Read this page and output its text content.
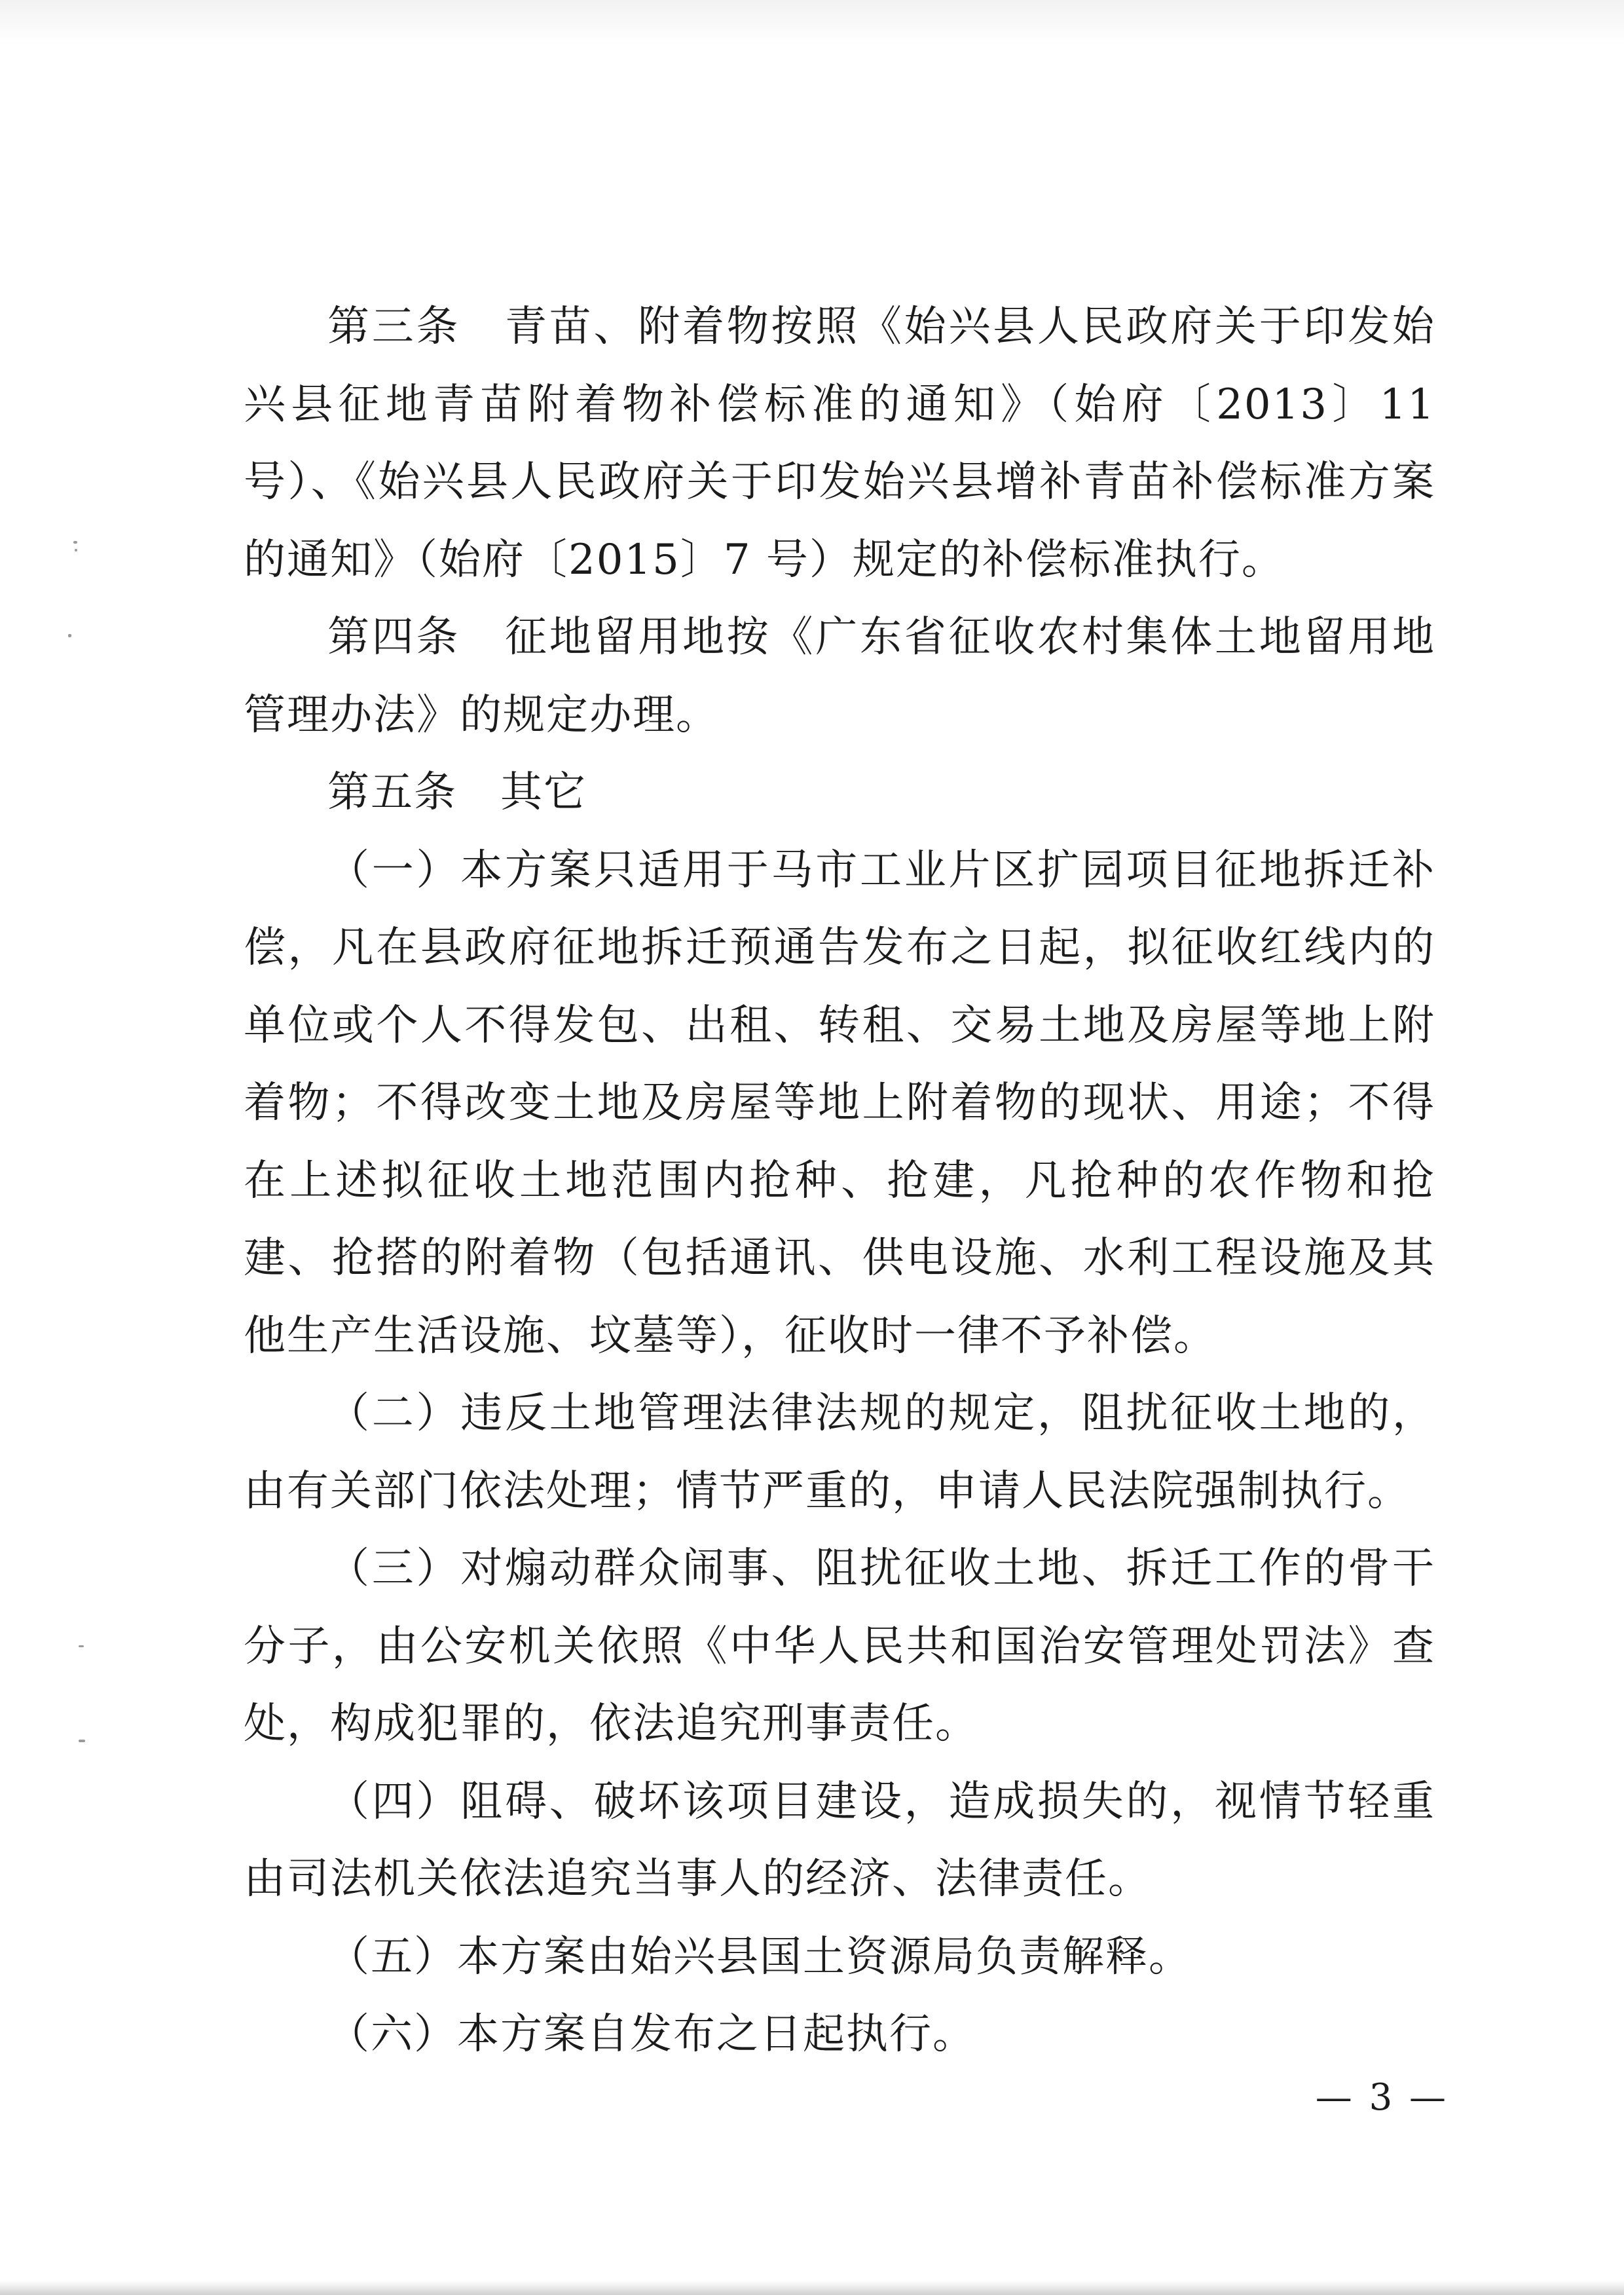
第三条　青苗、附着物按照《始兴县人民政府关于印发始兴县征地青苗附着物补偿标准的通知》（始府〔2013〕11 号）、《始兴县人民政府关于印发始兴县增补青苗补偿标准方案的通知》（始府〔2015〕7 号）规定的补偿标准执行。

第四条　征地留用地按《广东省征收农村集体土地留用地管理办法》的规定办理。

第五条　其它

（一）本方案只适用于马市工业片区扩园项目征地拆迁补偿，凡在县政府征地拆迁预通告发布之日起，拟征收红线内的单位或个人不得发包、出租、转租、交易土地及房屋等地上附着物；不得改变土地及房屋等地上附着物的现状、用途；不得在上述拟征收土地范围内抢种、抢建，凡抢种的农作物和抢建、抢搭的附着物（包括通讯、供电设施、水利工程设施及其他生产生活设施、坟墓等），征收时一律不予补偿。

（二）违反土地管理法律法规的规定，阻扰征收土地的，由有关部门依法处理；情节严重的，申请人民法院强制执行。

（三）对煽动群众闹事、阻扰征收土地、拆迁工作的骨干分子，由公安机关依照《中华人民共和国治安管理处罚法》查处，构成犯罪的，依法追究刑事责任。

（四）阻碍、破坏该项目建设，造成损失的，视情节轻重由司法机关依法追究当事人的经济、法律责任。

（五）本方案由始兴县国土资源局负责解释。

（六）本方案自发布之日起执行。

— 3 —
